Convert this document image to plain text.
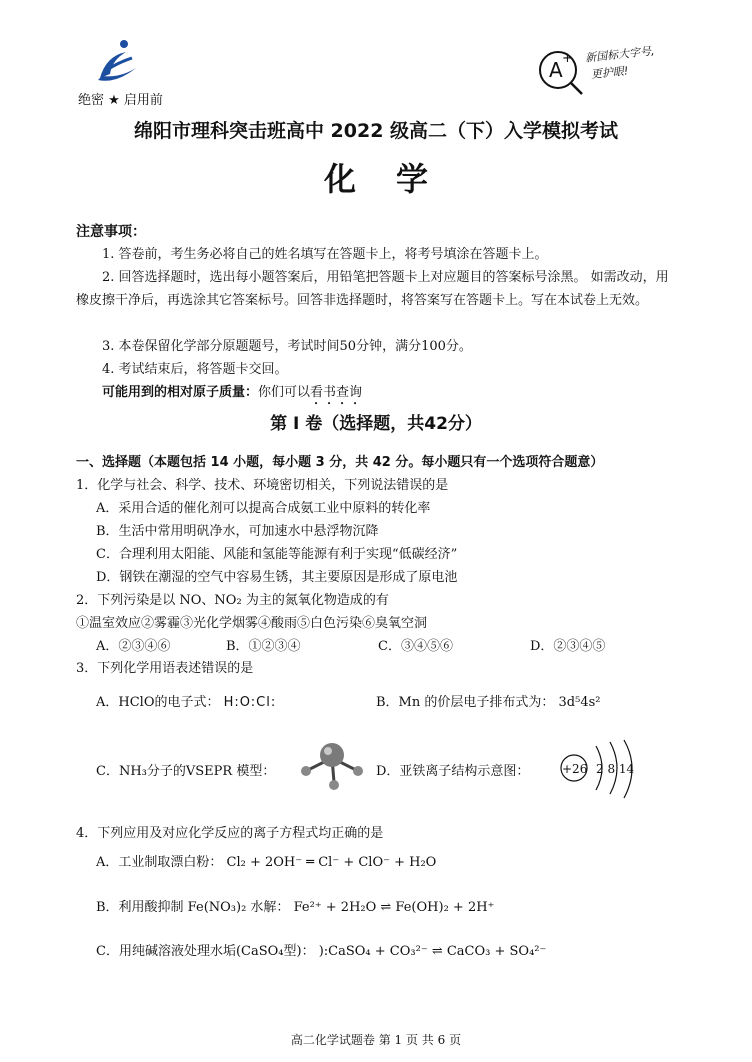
绝密 ★ 启用前
A + 新国标大字号,
更护眼!
绵阳市理科突击班高中 2022 级高二（下）入学模拟考试
化学
注意事项：
1. 答卷前，考生务必将自己的姓名填写在答题卡上，将考号填涂在答题卡上。
2. 回答选择题时，选出每小题答案后，用铅笔把答题卡上对应题目的答案标号涂黑。 如需改动，用橡皮擦干净后，再选涂其它答案标号。回答非选择题时，将答案写在答题卡上。写在本试卷上无效。
3. 本卷保留化学部分原题题号，考试时间50分钟，满分100分。
4. 考试结束后，将答题卡交回。
可能用到的相对原子质量：你们可以看书查询
第 I 卷（选择题，共42分）
一、选择题（本题包括 14 小题，每小题 3 分，共 42 分。每小题只有一个选项符合题意）
1．化学与社会、科学、技术、环境密切相关，下列说法错误的是
A．采用合适的催化剂可以提高合成氨工业中原料的转化率
B．生活中常用明矾净水，可加速水中悬浮物沉降
C．合理利用太阳能、风能和氢能等能源有利于实现“低碳经济”
D．钢铁在潮湿的空气中容易生锈，其主要原因是形成了原电池
2．下列污染是以 NO、NO₂ 为主的氮氧化物造成的有
①温室效应②雾霾③光化学烟雾④酸雨⑤白色污染⑥臭氧空洞
A．②③④⑥	B．①②③④	C．③④⑤⑥	D．②③④⑤
3．下列化学用语表述错误的是
A．HClO的电子式： H:O:Cl:	B．Mn 的价层电子排布式为： 3d⁵4s²
C．NH₃分子的VSEPR 模型：	D．亚铁离子结构示意图：	+26 2 8 14
4．下列应用及对应化学反应的离子方程式均正确的是
A．工业制取漂白粉： Cl₂ + 2OH⁻ ═ Cl⁻ + ClO⁻ + H₂O
B．利用酸抑制 Fe(NO₃)₂ 水解： Fe²⁺ + 2H₂O ⇌ Fe(OH)₂ + 2H⁺
C．用纯碱溶液处理水垢(CaSO₄型)： ):CaSO₄ + CO₃²⁻ ⇌ CaCO₃ + SO₄²⁻
高二化学试题卷 第 1 页 共 6 页
